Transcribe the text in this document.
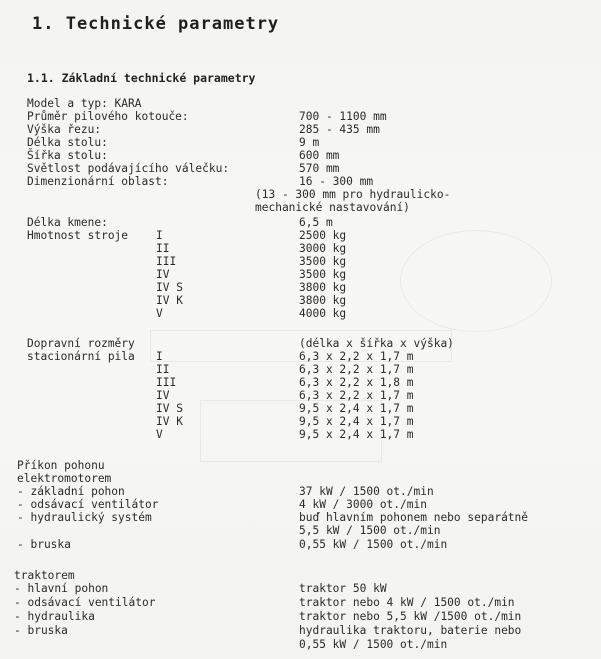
1. Technické parametry
1.1. Základní technické parametry
Model a typ: KARA
Průměr pilového kotouče:	700 - 1100 mm
Výška řezu:	285 - 435 mm
Délka stolu:	9 m
Šířka stolu:	600 mm
Světlost podávajícího válečku:	570 mm
Dimenzionární oblast:	16 - 300 mm
(13 - 300 mm pro hydraulicko-
mechanické nastavování)
Délka kmene:	6,5 m
Hmotnost stroje I	2500 kg
II	3000 kg
III	3500 kg
IV	3500 kg
IV S	3800 kg
IV K	3800 kg
V	4000 kg
Dopravní rozměry	(délka x šířka x výška)
stacionární pila I	6,3 x 2,2 x 1,7 m
II	6,3 x 2,2 x 1,7 m
III	6,3 x 2,2 x 1,8 m
IV	6,3 x 2,2 x 1,7 m
IV S	9,5 x 2,4 x 1,7 m
IV K	9,5 x 2,4 x 1,7 m
V	9,5 x 2,4 x 1,7 m
Příkon pohonu
elektromotorem
- základní pohon	37 kW / 1500 ot./min
- odsávací ventilátor	4 kW / 3000 ot./min
- hydraulický systém	buď hlavním pohonem nebo separátně
5,5 kW / 1500 ot./min
- bruska	0,55 kW / 1500 ot./min
traktorem
- hlavní pohon	traktor 50 kW
- odsávací ventilátor	traktor nebo 4 kW / 1500 ot./min
- hydraulika	traktor nebo 5,5 kW /1500 ot./min
- bruska	hydraulika traktoru, baterie nebo
0,55 kW / 1500 ot./min
